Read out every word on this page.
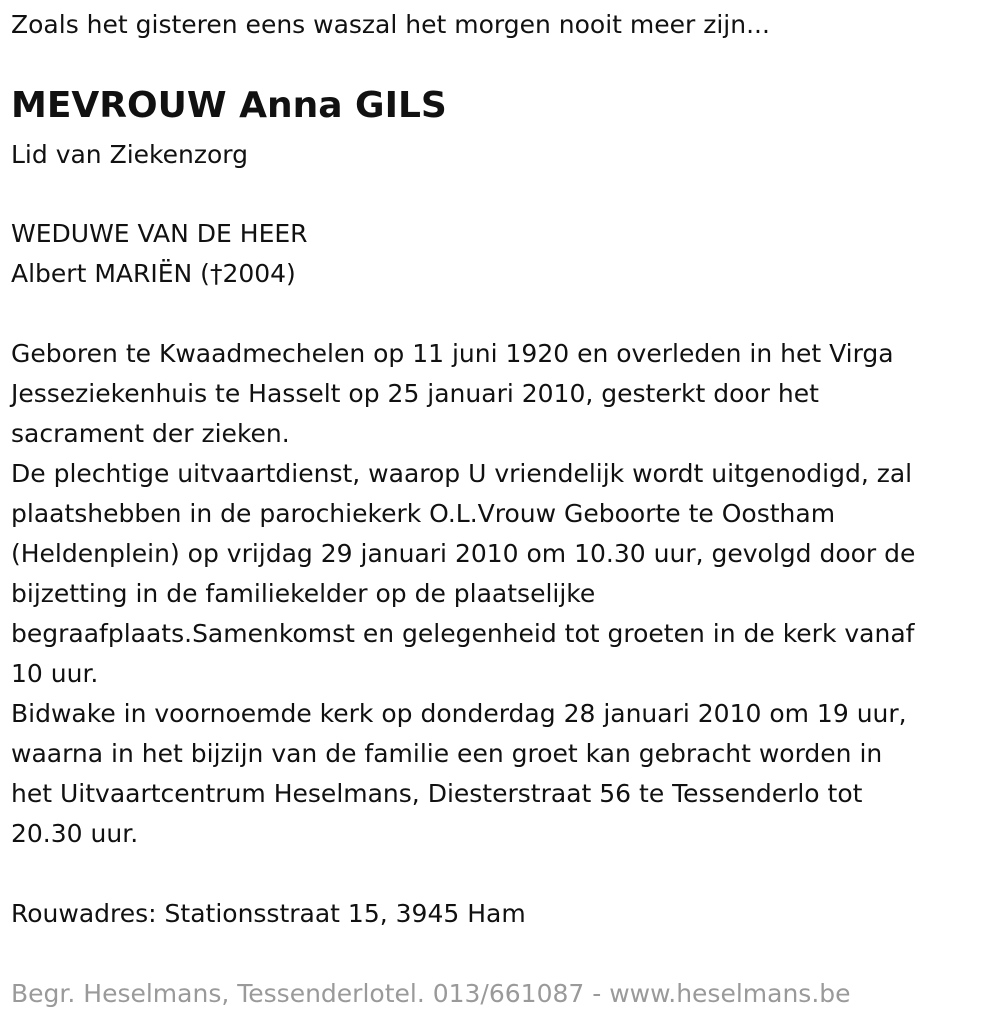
Zoals het gisteren eens waszal het morgen nooit meer zijn...

MEVROUW Anna GILS

Lid van Ziekenzorg

WEDUWE VAN DE HEER

Albert MARIËN (†2004)

Geboren te Kwaadmechelen op 11 juni 1920 en overleden in het Virga

Jesseziekenhuis te Hasselt op 25 januari 2010, gesterkt door het

sacrament der zieken.

De plechtige uitvaartdienst, waarop U vriendelijk wordt uitgenodigd, zal

plaatshebben in de parochiekerk O.L.Vrouw Geboorte te Oostham

(Heldenplein) op vrijdag 29 januari 2010 om 10.30 uur, gevolgd door de

bijzetting in de familiekelder op de plaatselijke

begraafplaats.Samenkomst en gelegenheid tot groeten in de kerk vanaf

10 uur.

Bidwake in voornoemde kerk op donderdag 28 januari 2010 om 19 uur,

waarna in het bijzijn van de familie een groet kan gebracht worden in

het Uitvaartcentrum Heselmans, Diesterstraat 56 te Tessenderlo tot

20.30 uur.

Rouwadres: Stationsstraat 15, 3945 Ham

Begr. Heselmans, Tessenderlotel. 013/661087 - www.heselmans.be
